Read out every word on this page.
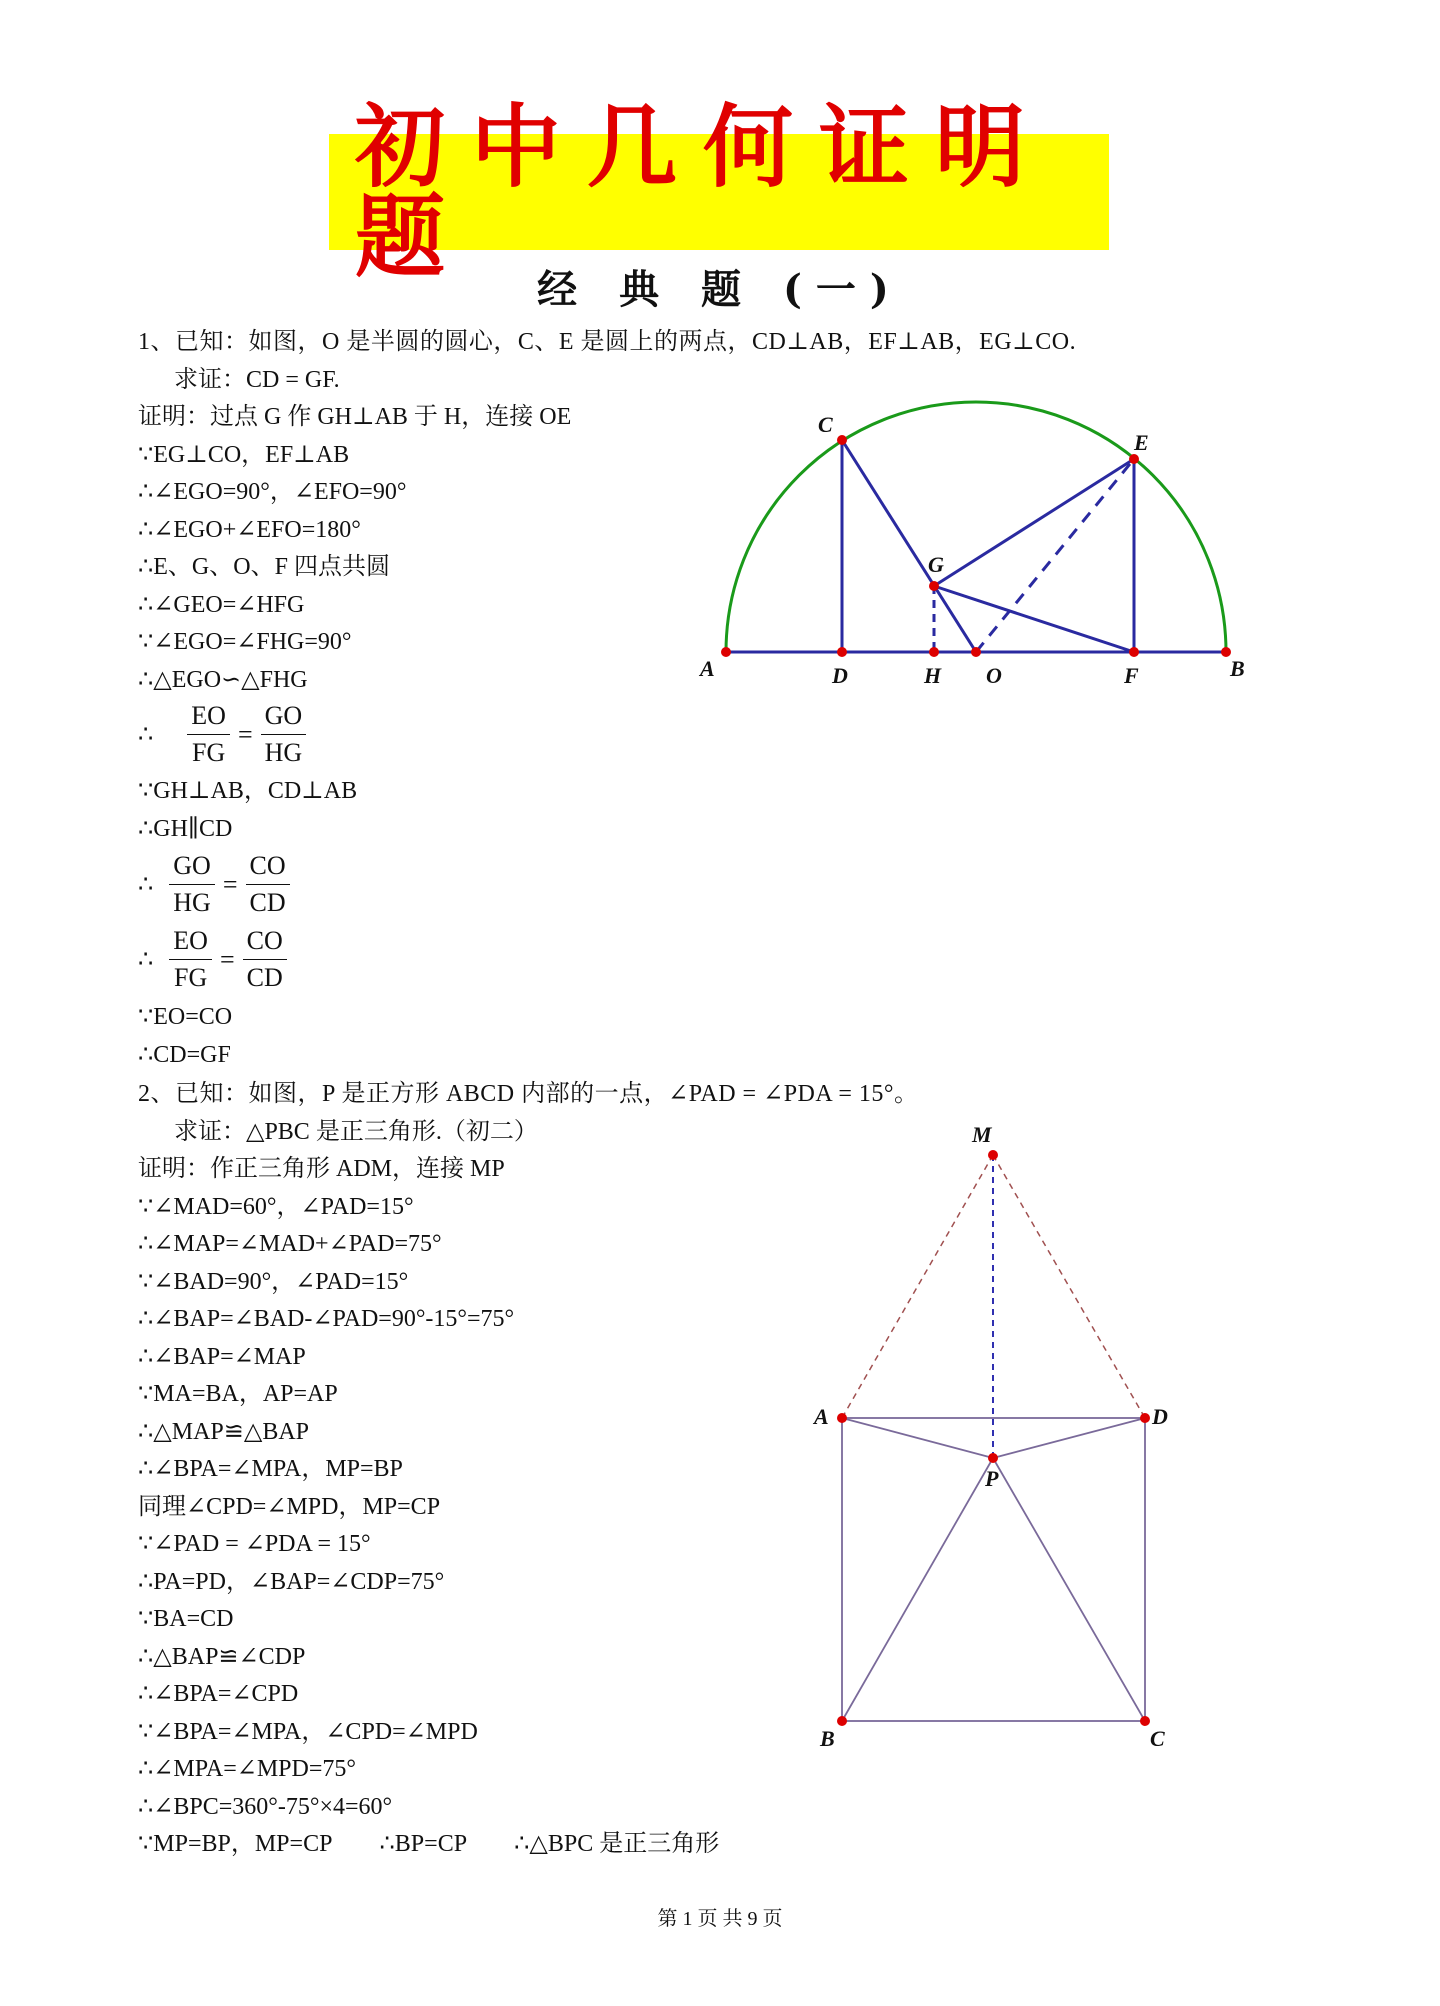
初中几何证明题	经 典 题 (一)
1、已知：如图，O 是半圆的圆心，C、E 是圆上的两点，CD⊥AB，EF⊥AB，EG⊥CO.
求证：CD = GF.
证明：过点 G 作 GH⊥AB 于 H，连接 OE
∵EG⊥CO，EF⊥AB
∴∠EGO=90°，∠EFO=90°
∴∠EGO+∠EFO=180°
∴E、G、O、F 四点共圆
∴∠GEO=∠HFG
∵∠EGO=∠FHG=90°
∴△EGO∽△FHG
∴ $\frac{EO}{FG} = \frac{GO}{HG}$
∵GH⊥AB，CD⊥AB
∴GH∥CD
∴ $\frac{GO}{HG} = \frac{CO}{CD}$
∴ $\frac{EO}{FG} = \frac{CO}{CD}$
∵EO=CO
∴CD=GF
A	B
C
D
E
F
G
H O
2、已知：如图，P 是正方形 ABCD 内部的一点，∠PAD = ∠PDA = 15°。
求证：△PBC 是正三角形.（初二）
证明：作正三角形 ADM，连接 MP
∵∠MAD=60°，∠PAD=15°
∴∠MAP=∠MAD+∠PAD=75°
∵∠BAD=90°，∠PAD=15°
∴∠BAP=∠BAD-∠PAD=90°-15°=75°
∴∠BAP=∠MAP
∵MA=BA，AP=AP
∴△MAP≌△BAP
∴∠BPA=∠MPA，MP=BP
同理∠CPD=∠MPD，MP=CP
∵∠PAD = ∠PDA = 15°
∴PA=PD，∠BAP=∠CDP=75°
∵BA=CD
∴△BAP≌∠CDP
∴∠BPA=∠CPD
∵∠BPA=∠MPA，∠CPD=∠MPD
∴∠MPA=∠MPD=75°
∴∠BPC=360°-75°×4=60°
∵MP=BP，MP=CP　　∴BP=CP　　∴△BPC 是正三角形
M
A	D
P
B	C
第 1 页 共 9 页
